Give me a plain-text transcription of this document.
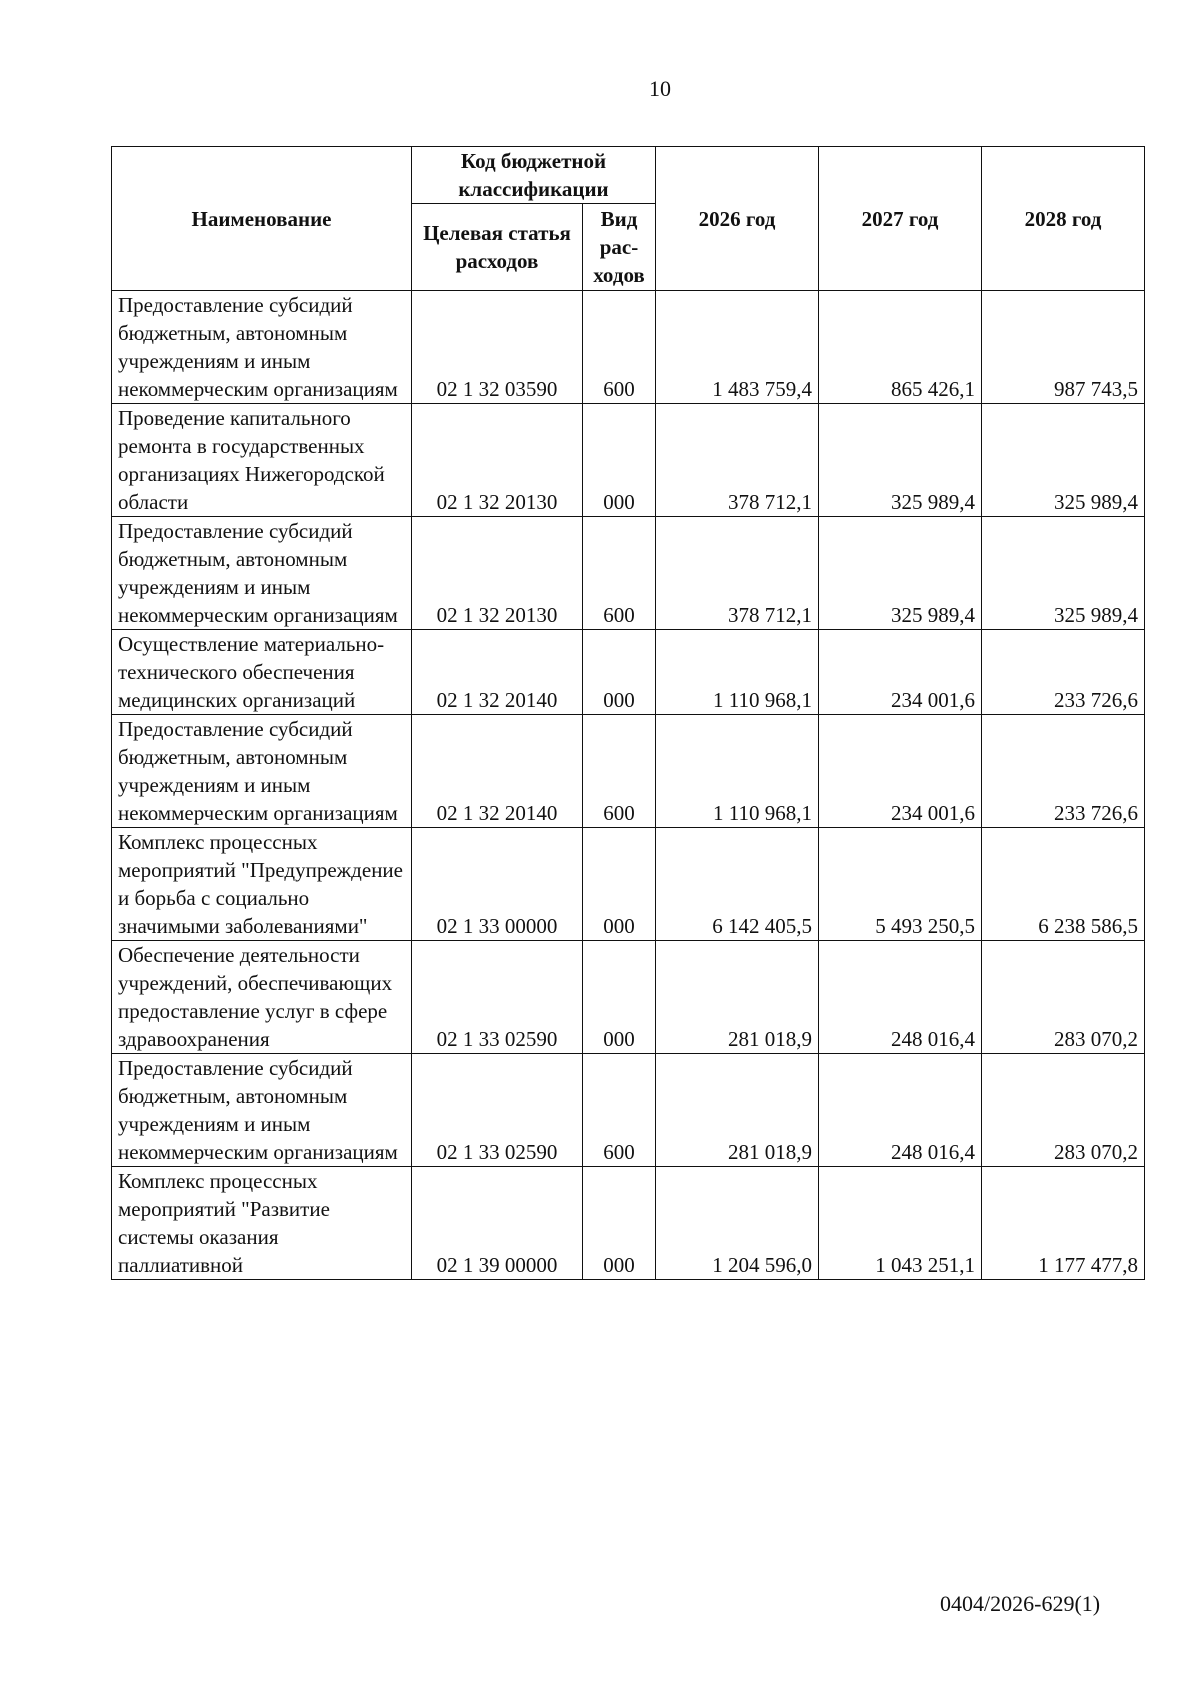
10
Наименование	Код бюджетной классификации		2026 год	2027 год	2028 год
	Целевая статья расходов	Вид рас-ходов			
Предоставление субсидий бюджетным, автономным учреждениям и иным некоммерческим организациям	02 1 32 03590	600	1 483 759,4	865 426,1	987 743,5
Проведение капитального ремонта в государственных организациях Нижегородской области	02 1 32 20130	000	378 712,1	325 989,4	325 989,4
Предоставление субсидий бюджетным, автономным учреждениям и иным некоммерческим организациям	02 1 32 20130	600	378 712,1	325 989,4	325 989,4
Осуществление материально-технического обеспечения медицинских организаций	02 1 32 20140	000	1 110 968,1	234 001,6	233 726,6
Предоставление субсидий бюджетным, автономным учреждениям и иным некоммерческим организациям	02 1 32 20140	600	1 110 968,1	234 001,6	233 726,6
Комплекс процессных мероприятий "Предупреждение и борьба с социально значимыми заболеваниями"	02 1 33 00000	000	6 142 405,5	5 493 250,5	6 238 586,5
Обеспечение деятельности учреждений, обеспечивающих предоставление услуг в сфере здравоохранения	02 1 33 02590	000	281 018,9	248 016,4	283 070,2
Предоставление субсидий бюджетным, автономным учреждениям и иным некоммерческим организациям	02 1 33 02590	600	281 018,9	248 016,4	283 070,2
Комплекс процессных мероприятий "Развитие системы оказания паллиативной	02 1 39 00000	000	1 204 596,0	1 043 251,1	1 177 477,8
0404/2026-629(1)
